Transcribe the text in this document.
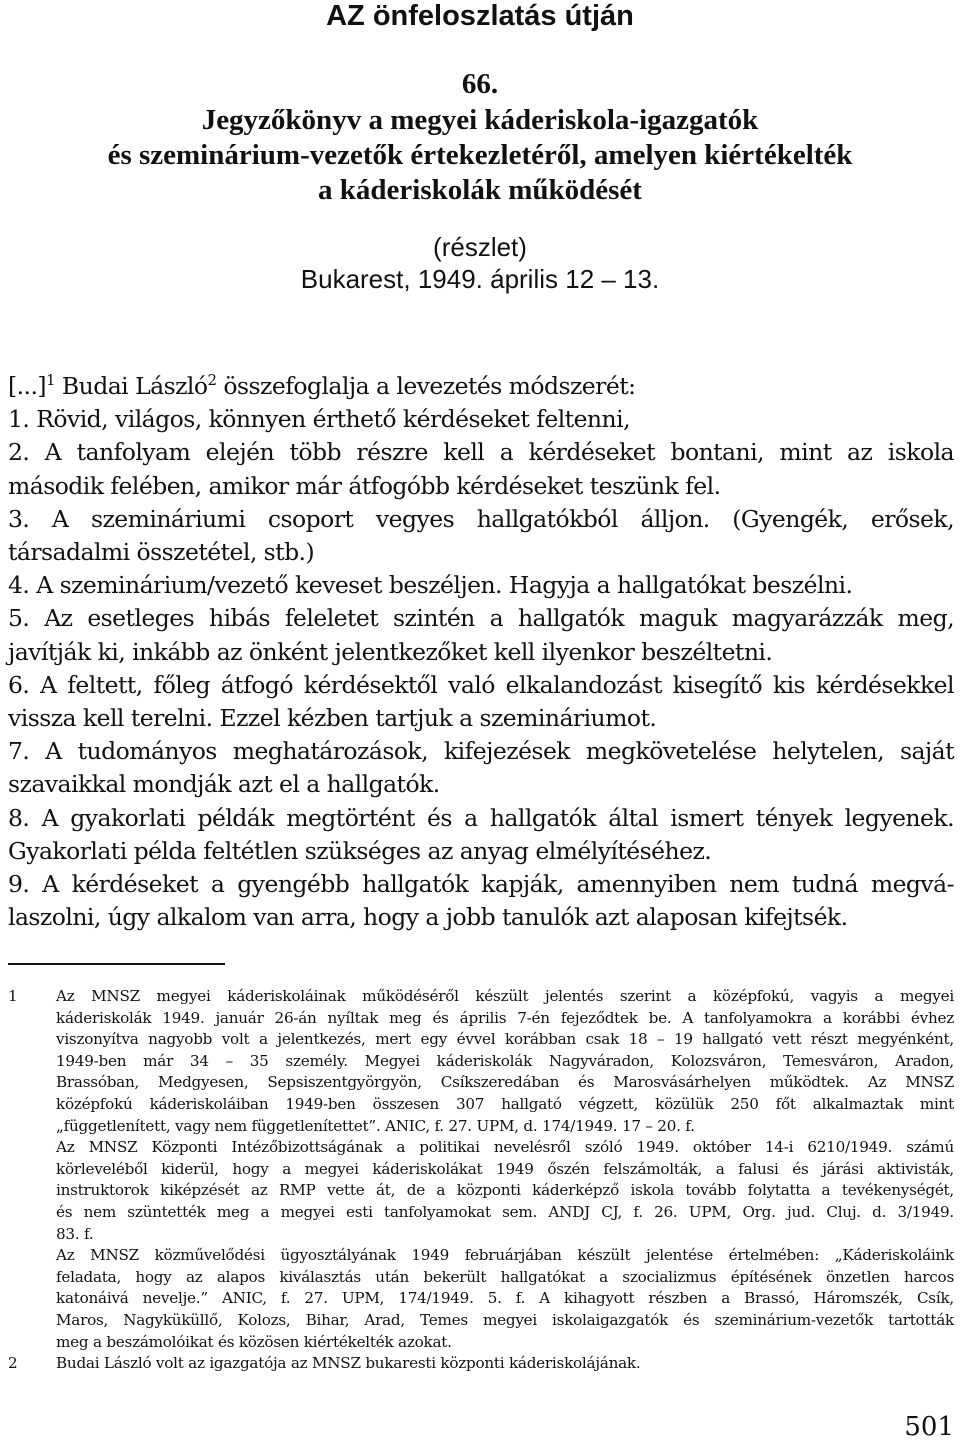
AZ önfeloszlatás útján
66.
Jegyzőkönyv a megyei káderiskola-igazgatók
és szeminárium-vezetők értekezletéről, amelyen kiértékelték
a káderiskolák működését
(részlet)
Bukarest, 1949. április 12 – 13.
[...]$^1$ Budai László$^2$ összefoglalja a levezetés módszerét:
1. Rövid, világos, könnyen érthető kérdéseket feltenni,
2. A tanfolyam elején több részre kell a kérdéseket bontani, mint az iskola
második felében, amikor már átfogóbb kérdéseket teszünk fel.
3. A szemináriumi csoport vegyes hallgatókból álljon. (Gyengék, erősek,
társadalmi összetétel, stb.)
4. A szeminárium/vezető keveset beszéljen. Hagyja a hallgatókat beszélni.
5. Az esetleges hibás feleletet szintén a hallgatók maguk magyarázzák meg,
javítják ki, inkább az önként jelentkezőket kell ilyenkor beszéltetni.
6. A feltett, főleg átfogó kérdésektől való elkalandozást kisegítő kis kérdésekkel
vissza kell terelni. Ezzel kézben tartjuk a szemináriumot.
7. A tudományos meghatározások, kifejezések megkövetelése helytelen, saját
szavaikkal mondják azt el a hallgatók.
8. A gyakorlati példák megtörtént és a hallgatók által ismert tények legyenek.
Gyakorlati példa feltétlen szükséges az anyag elmélyítéséhez.
9. A kérdéseket a gyengébb hallgatók kapják, amennyiben nem tudná megvá-
laszolni, úgy alkalom van arra, hogy a jobb tanulók azt alaposan kifejtsék.
1	Az MNSZ megyei káderiskoláinak működéséről készült jelentés szerint a középfokú, vagyis a megyei
káderiskolák 1949. január 26-án nyíltak meg és április 7-én fejeződtek be. A tanfolyamokra a korábbi évhez
viszonyítva nagyobb volt a jelentkezés, mert egy évvel korábban csak 18 – 19 hallgató vett részt megyénként,
1949-ben már 34 – 35 személy. Megyei káderiskolák Nagyváradon, Kolozsváron, Temesváron, Aradon,
Brassóban, Medgyesen, Sepsiszentgyörgyön, Csíkszeredában és Marosvásárhelyen működtek. Az MNSZ
középfokú káderiskoláiban 1949-ben összesen 307 hallgató végzett, közülük 250 főt alkalmaztak mint
„függetlenített, vagy nem függetlenítettet”. ANIC, f. 27. UPM, d. 174/1949. 17 – 20. f.
Az MNSZ Központi Intézőbizottságának a politikai nevelésről szóló 1949. október 14-i 6210/1949. számú
körleveléből kiderül, hogy a megyei káderiskolákat 1949 őszén felszámolták, a falusi és járási aktivisták,
instruktorok kiképzését az RMP vette át, de a központi káderképző iskola tovább folytatta a tevékenységét,
és nem szüntették meg a megyei esti tanfolyamokat sem. ANDJ CJ, f. 26. UPM, Org. jud. Cluj. d. 3/1949.
83. f.
Az MNSZ közművelődési ügyosztályának 1949 februárjában készült jelentése értelmében: „Káderiskoláink
feladata, hogy az alapos kiválasztás után bekerült hallgatókat a szocializmus építésének önzetlen harcos
katonáivá nevelje.” ANIC, f. 27. UPM, 174/1949. 5. f. A kihagyott részben a Brassó, Háromszék, Csík,
Maros, Nagyküküllő, Kolozs, Bihar, Arad, Temes megyei iskolaigazgatók és szeminárium-vezetők tartották
meg a beszámolóikat és közösen kiértékelték azokat.
2	Budai László volt az igazgatója az MNSZ bukaresti központi káderiskolájának.
501
